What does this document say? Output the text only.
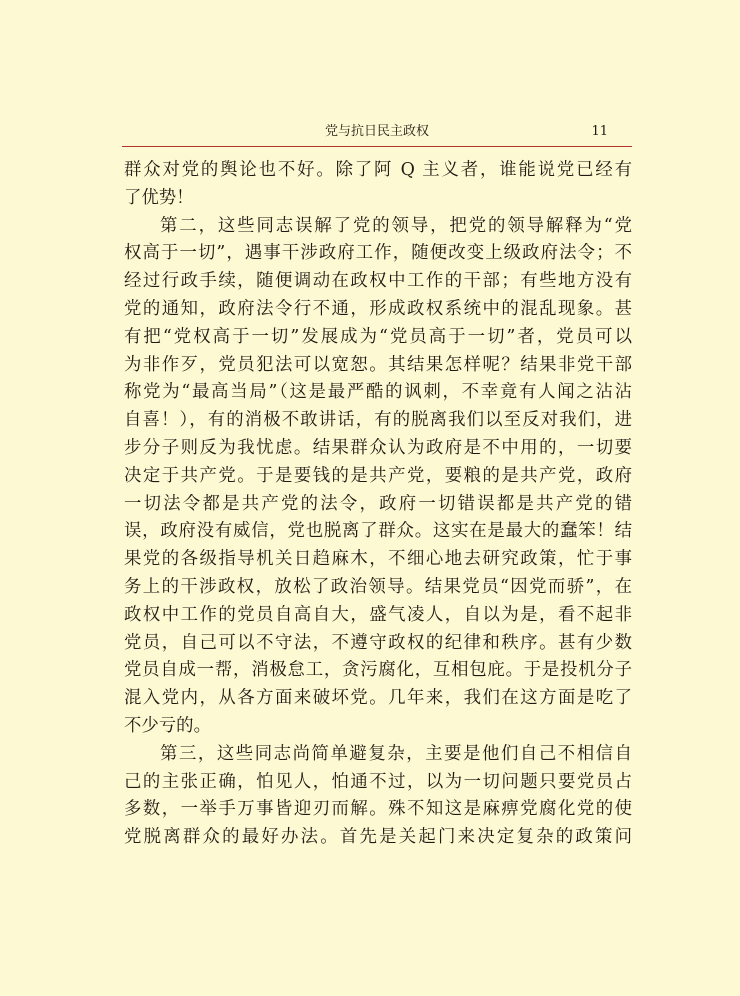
党与抗日民主政权	11
群众对党的舆论也不好。除了阿 Q 主义者，谁能说党已经有
了优势！
第二，这些同志误解了党的领导，把党的领导解释为“党
权高于一切”，遇事干涉政府工作，随便改变上级政府法令；不
经过行政手续，随便调动在政权中工作的干部；有些地方没有
党的通知，政府法令行不通，形成政权系统中的混乱现象。甚
有把“党权高于一切”发展成为“党员高于一切”者，党员可以
为非作歹，党员犯法可以宽恕。其结果怎样呢？结果非党干部
称党为“最高当局”（这是最严酷的讽刺，不幸竟有人闻之沾沾
自喜！），有的消极不敢讲话，有的脱离我们以至反对我们，进
步分子则反为我忧虑。结果群众认为政府是不中用的，一切要
决定于共产党。于是要钱的是共产党，要粮的是共产党，政府
一切法令都是共产党的法令，政府一切错误都是共产党的错
误，政府没有威信，党也脱离了群众。这实在是最大的蠢笨！结
果党的各级指导机关日趋麻木，不细心地去研究政策，忙于事
务上的干涉政权，放松了政治领导。结果党员“因党而骄”，在
政权中工作的党员自高自大，盛气凌人，自以为是，看不起非
党员，自己可以不守法，不遵守政权的纪律和秩序。甚有少数
党员自成一帮，消极怠工，贪污腐化，互相包庇。于是投机分子
混入党内，从各方面来破坏党。几年来，我们在这方面是吃了
不少亏的。
第三，这些同志尚简单避复杂，主要是他们自己不相信自
己的主张正确，怕见人，怕通不过，以为一切问题只要党员占
多数，一举手万事皆迎刃而解。殊不知这是麻痹党腐化党的使
党脱离群众的最好办法。首先是关起门来决定复杂的政策问
